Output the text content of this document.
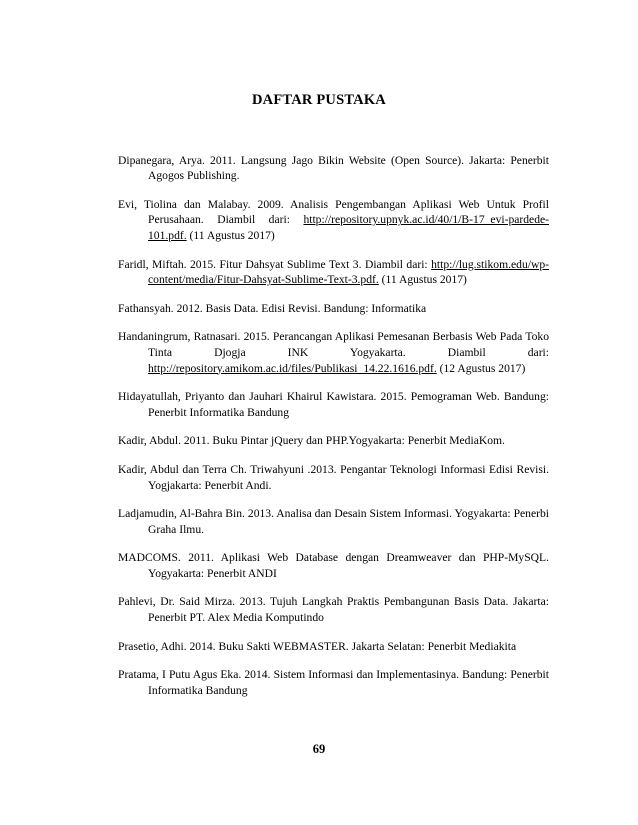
DAFTAR PUSTAKA

Dipanegara, Arya. 2011. Langsung Jago Bikin Website (Open Source). Jakarta: Penerbit Agogos Publishing.

Evi, Tiolina dan Malabay. 2009. Analisis Pengembangan Aplikasi Web Untuk Profil Perusahaan. Diambil dari: http://repository.upnyk.ac.id/40/1/B-17_evi-pardede-101.pdf. (11 Agustus 2017)

Faridl, Miftah. 2015. Fitur Dahsyat Sublime Text 3. Diambil dari: http://lug.stikom.edu/wp-content/media/Fitur-Dahsyat-Sublime-Text-3.pdf. (11 Agustus 2017)

Fathansyah. 2012. Basis Data. Edisi Revisi. Bandung: Informatika

Handaningrum, Ratnasari. 2015. Perancangan Aplikasi Pemesanan Berbasis Web Pada Toko Tinta Djogja INK Yogyakarta. Diambil dari: http://repository.amikom.ac.id/files/Publikasi_14.22.1616.pdf. (12 Agustus 2017)

Hidayatullah, Priyanto dan Jauhari Khairul Kawistara. 2015. Pemograman Web. Bandung: Penerbit Informatika Bandung

Kadir, Abdul. 2011. Buku Pintar jQuery dan PHP.Yogyakarta: Penerbit MediaKom.

Kadir, Abdul dan Terra Ch. Triwahyuni .2013. Pengantar Teknologi Informasi Edisi Revisi. Yogjakarta: Penerbit Andi.

Ladjamudin, Al-Bahra Bin. 2013. Analisa dan Desain Sistem Informasi. Yogyakarta: Penerbi Graha Ilmu.

MADCOMS. 2011. Aplikasi Web Database dengan Dreamweaver dan PHP-MySQL. Yogyakarta: Penerbit ANDI

Pahlevi, Dr. Said Mirza. 2013. Tujuh Langkah Praktis Pembangunan Basis Data. Jakarta: Penerbit PT. Alex Media Komputindo

Prasetio, Adhi. 2014. Buku Sakti WEBMASTER. Jakarta Selatan: Penerbit Mediakita

Pratama, I Putu Agus Eka. 2014. Sistem Informasi dan Implementasinya. Bandung: Penerbit Informatika Bandung

69
